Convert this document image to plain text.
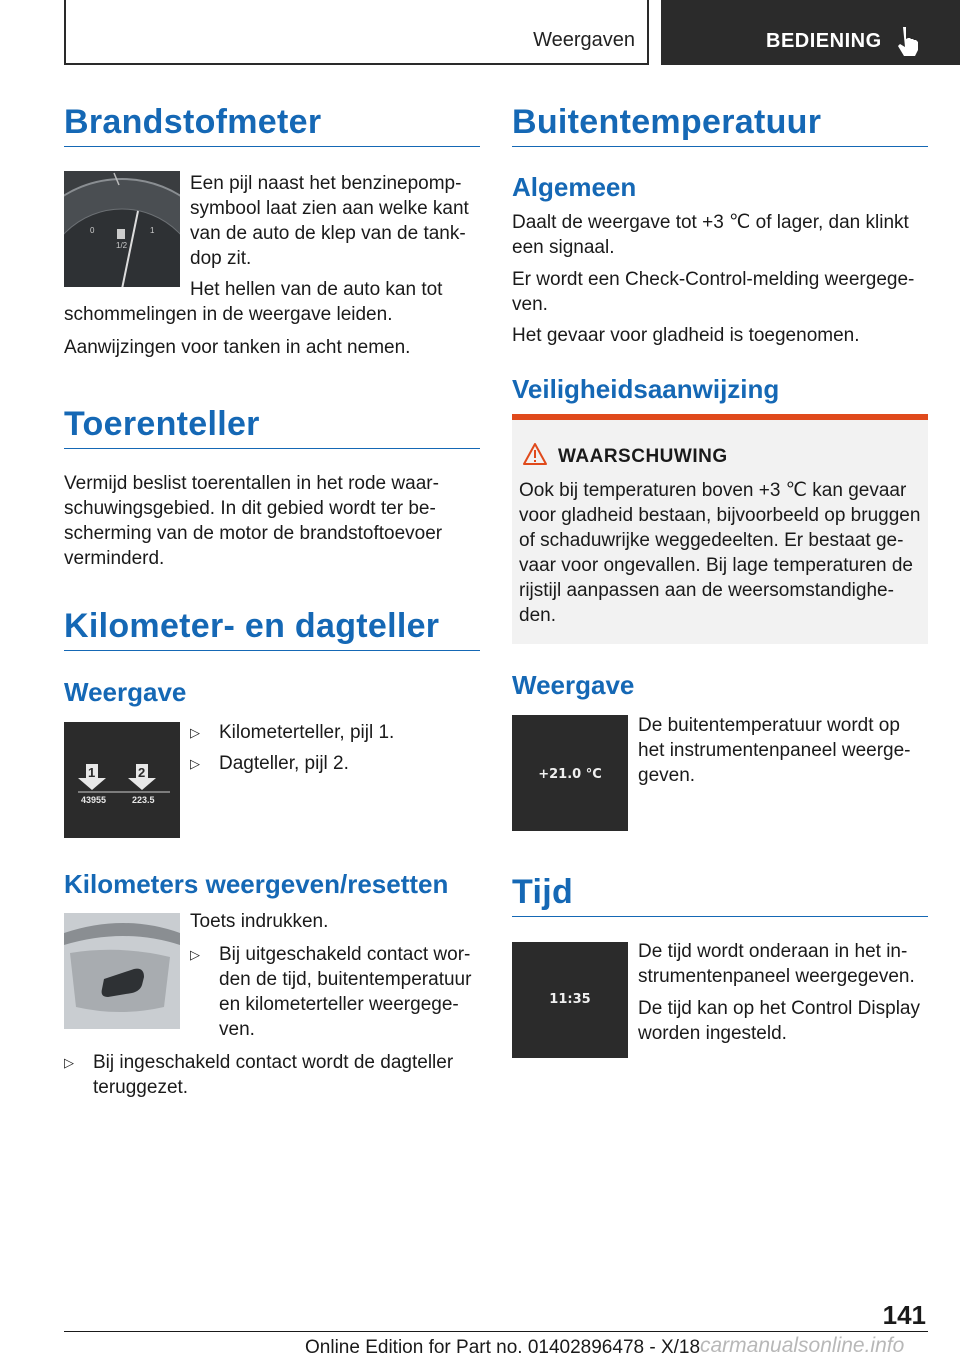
Weergaven	BEDIENING
Brandstofmeter
0
1/2
1
Een pijl naast het benzinepomp-
symbool laat zien aan welke kant
van de auto de klep van de tank-
dop zit.
Het hellen van de auto kan tot
schommelingen in de weergave leiden.
Aanwijzingen voor tanken in acht nemen.
Toerenteller
Vermijd beslist toerentallen in het rode waar-
schuwingsgebied. In dit gebied wordt ter be-
scherming van de motor de brandstoftoevoer
verminderd.
Kilometer- en dagteller
Weergave
1	2
43955	223.5
▷ Kilometerteller, pijl 1.
▷ Dagteller, pijl 2.
Kilometers weergeven/resetten
Toets indrukken.
▷ Bij uitgeschakeld contact wor-
den de tijd, buitentemperatuur
en kilometerteller weergege-
ven.
▷ Bij ingeschakeld contact wordt de dagteller
teruggezet.
Buitentemperatuur
Algemeen
Daalt de weergave tot +3 ℃ of lager, dan klinkt
een signaal.
Er wordt een Check-Control-melding weergege-
ven.
Het gevaar voor gladheid is toegenomen.
Veiligheidsaanwijzing
WAARSCHUWING
Ook bij temperaturen boven +3 ℃ kan gevaar
voor gladheid bestaan, bijvoorbeeld op bruggen
of schaduwrijke weggedeelten. Er bestaat ge-
vaar voor ongevallen. Bij lage temperaturen de
rijstijl aanpassen aan de weersomstandighe-
den.
Weergave
+21.0 °C
De buitentemperatuur wordt op
het instrumentenpaneel weerge-
geven.
Tijd
11:35
De tijd wordt onderaan in het in-
strumentenpaneel weergegeven.
De tijd kan op het Control Display
worden ingesteld.
141
Online Edition for Part no. 01402896478 - X/18 carmanualsonline.info
